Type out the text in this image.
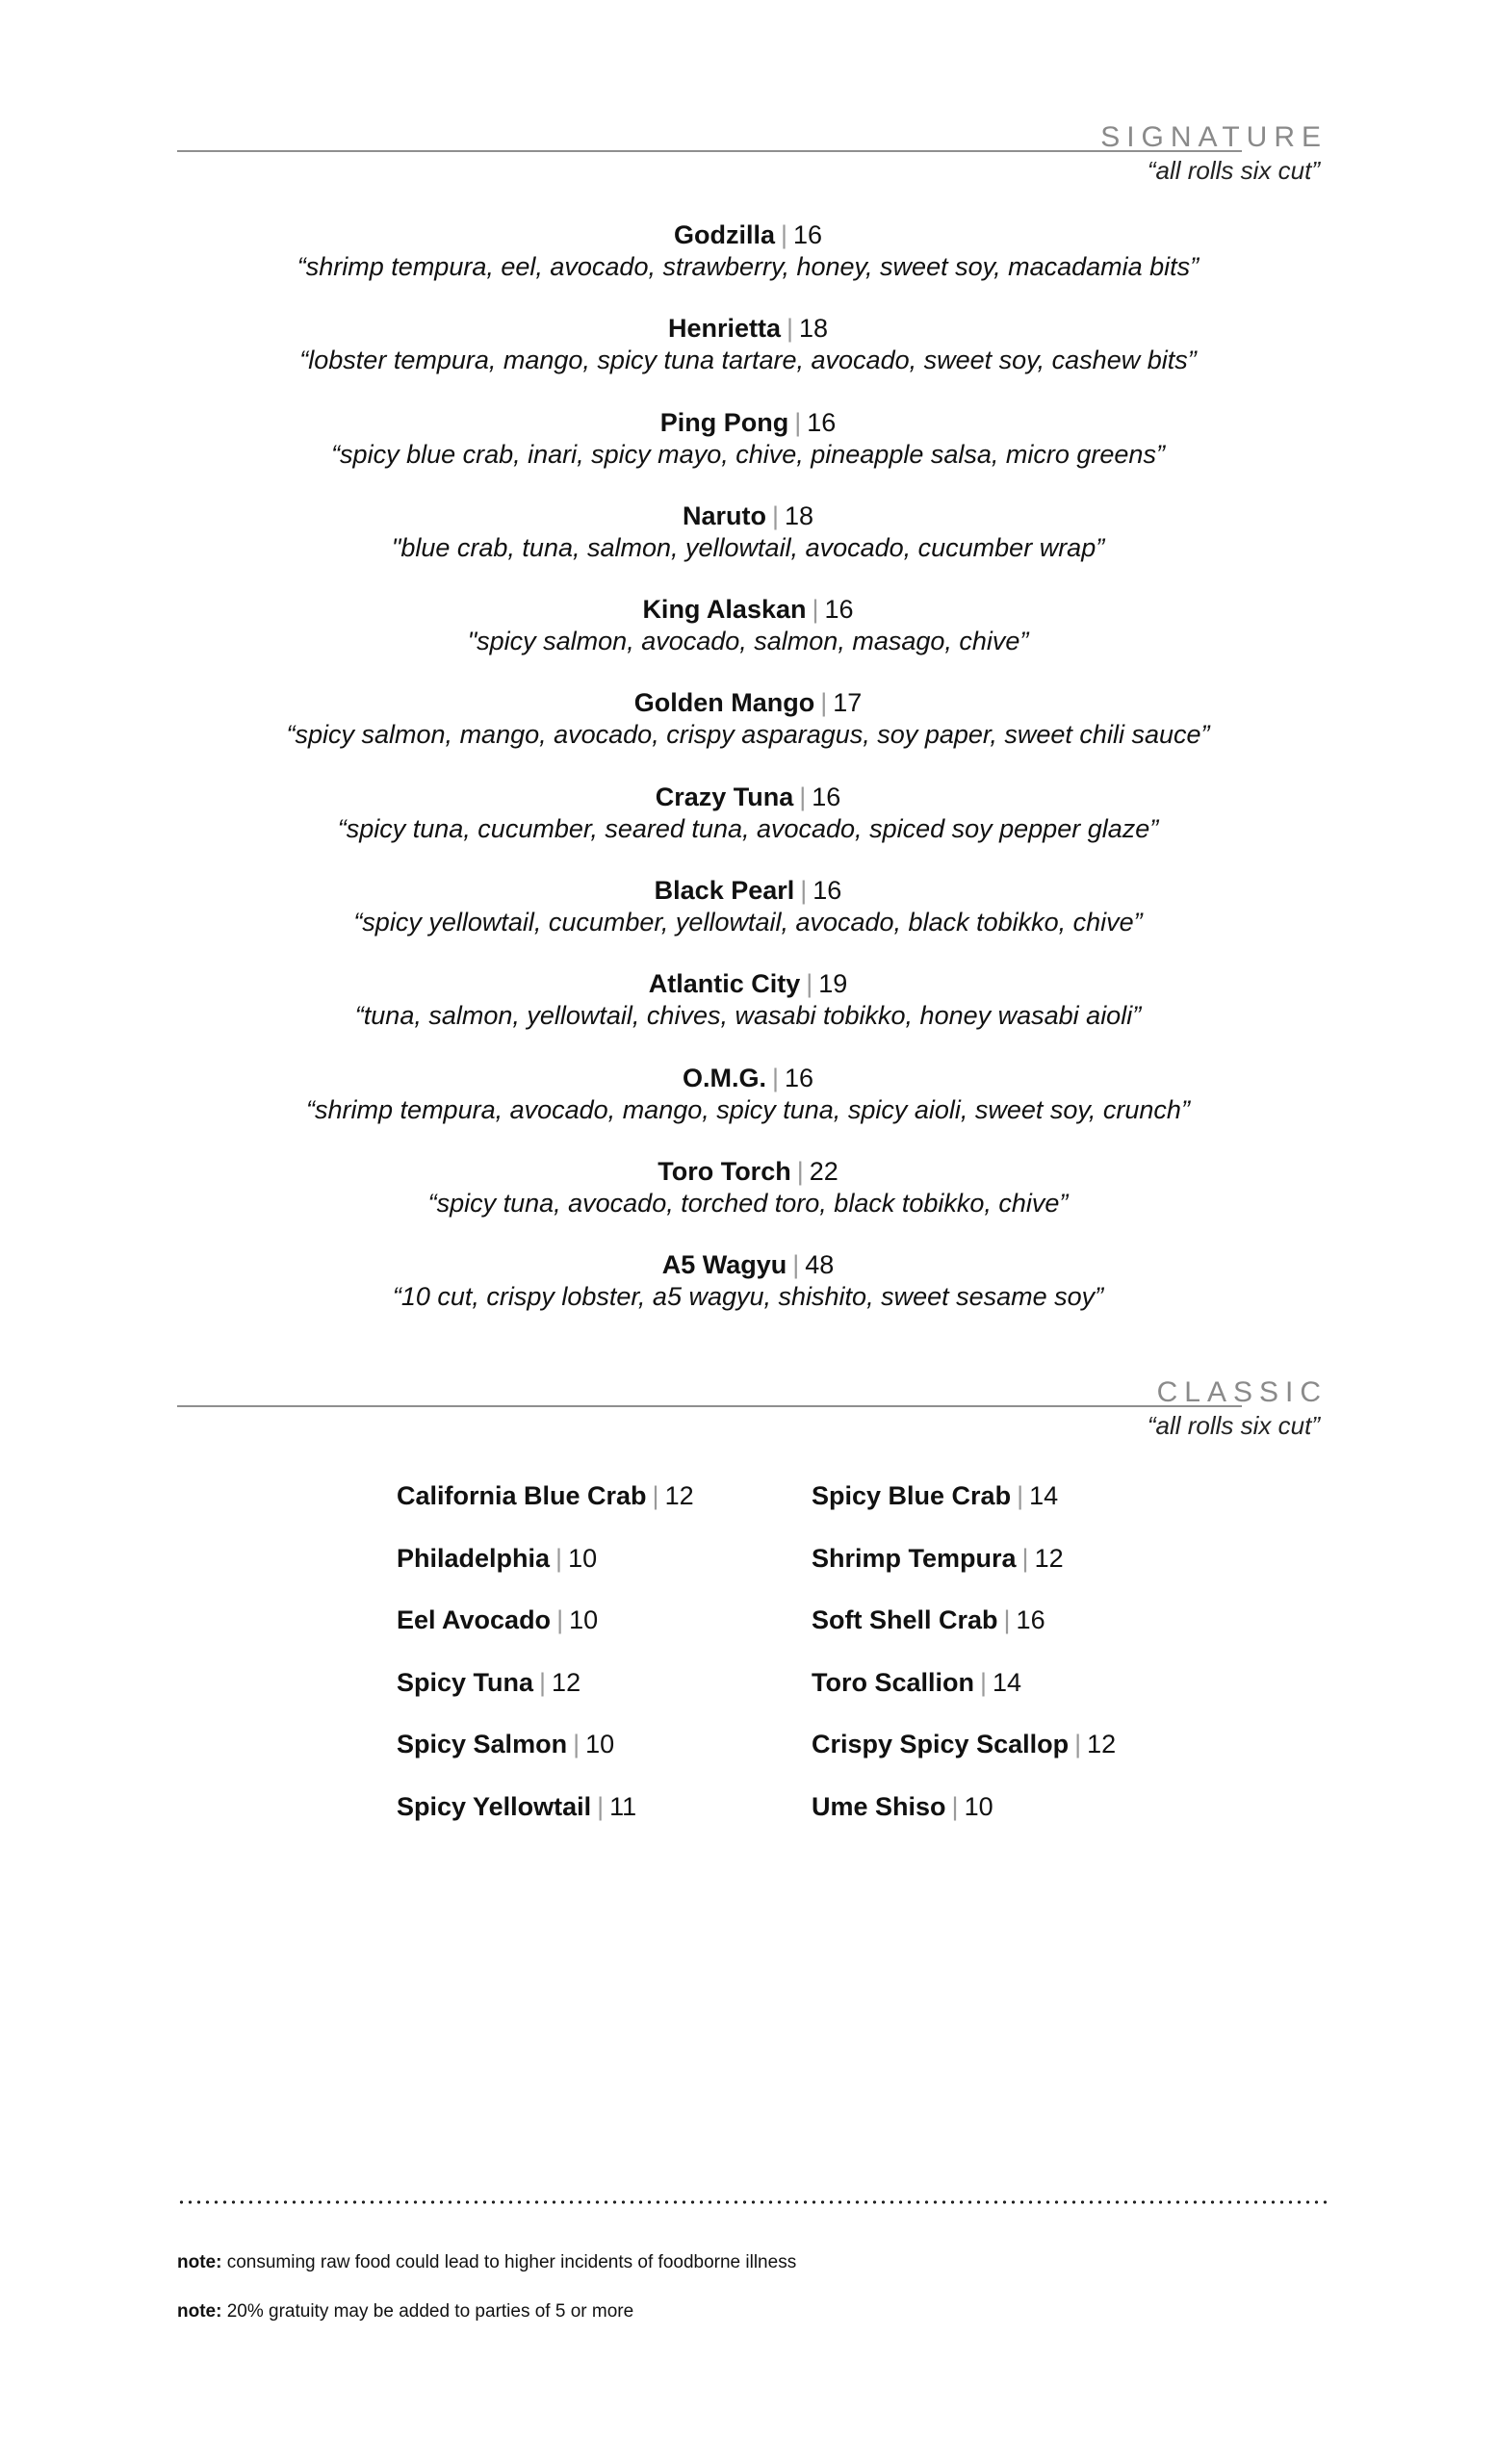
SIGNATURE
“all rolls six cut”
Godzilla | 16
“shrimp tempura, eel, avocado, strawberry, honey, sweet soy, macadamia bits”
Henrietta | 18
“lobster tempura, mango, spicy tuna tartare, avocado, sweet soy, cashew bits”
Ping Pong | 16
“spicy blue crab, inari, spicy mayo, chive, pineapple salsa, micro greens”
Naruto | 18
"blue crab, tuna, salmon, yellowtail, avocado, cucumber wrap”
King Alaskan | 16
"spicy salmon, avocado, salmon, masago, chive”
Golden Mango | 17
“spicy salmon, mango, avocado, crispy asparagus, soy paper, sweet chili sauce”
Crazy Tuna | 16
“spicy tuna, cucumber, seared tuna, avocado, spiced soy pepper glaze”
Black Pearl | 16
“spicy yellowtail, cucumber, yellowtail, avocado, black tobikko, chive”
Atlantic City | 19
“tuna, salmon, yellowtail, chives, wasabi tobikko, honey wasabi aioli”
O.M.G. | 16
“shrimp tempura, avocado, mango, spicy tuna, spicy aioli, sweet soy, crunch”
Toro Torch | 22
“spicy tuna, avocado, torched toro, black tobikko, chive”
A5 Wagyu | 48
“10 cut, crispy lobster, a5 wagyu, shishito, sweet sesame soy”
CLASSIC
“all rolls six cut”
California Blue Crab | 12
Philadelphia | 10
Eel Avocado | 10
Spicy Tuna | 12
Spicy Salmon | 10
Spicy Yellowtail | 11
Spicy Blue Crab | 14
Shrimp Tempura | 12
Soft Shell Crab | 16
Toro Scallion | 14
Crispy Spicy Scallop | 12
Ume Shiso | 10
note: consuming raw food could lead to higher incidents of foodborne illness
note: 20% gratuity may be added to parties of 5 or more
